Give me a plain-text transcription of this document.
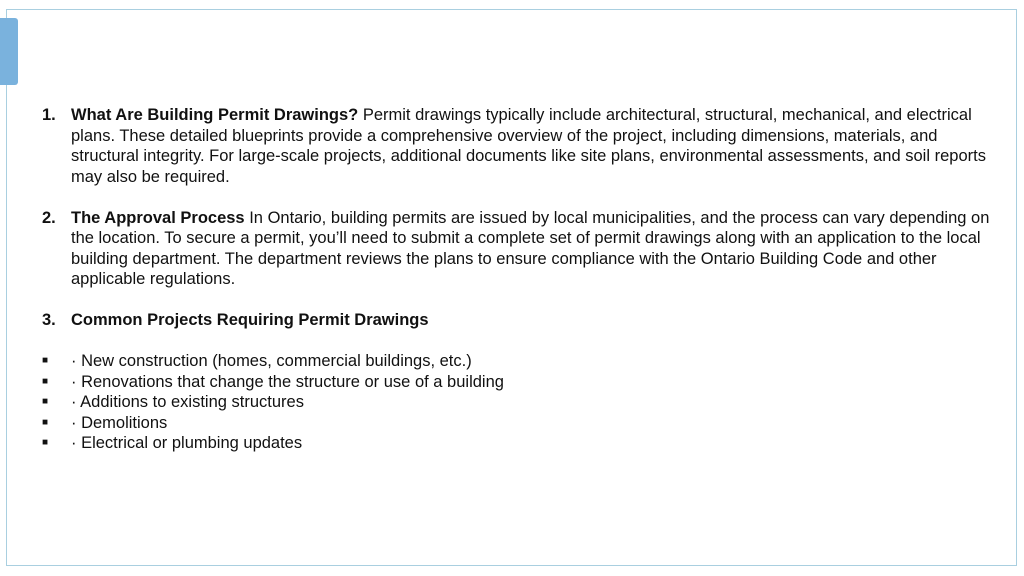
1. What Are Building Permit Drawings? Permit drawings typically include architectural, structural, mechanical, and electrical plans. These detailed blueprints provide a comprehensive overview of the project, including dimensions, materials, and structural integrity. For large-scale projects, additional documents like site plans, environmental assessments, and soil reports may also be required.
2. The Approval Process In Ontario, building permits are issued by local municipalities, and the process can vary depending on the location. To secure a permit, you’ll need to submit a complete set of permit drawings along with an application to the local building department. The department reviews the plans to ensure compliance with the Ontario Building Code and other applicable regulations.
3. Common Projects Requiring Permit Drawings
■	· New construction (homes, commercial buildings, etc.)
■	· Renovations that change the structure or use of a building
■	· Additions to existing structures
■	· Demolitions
■	· Electrical or plumbing updates
